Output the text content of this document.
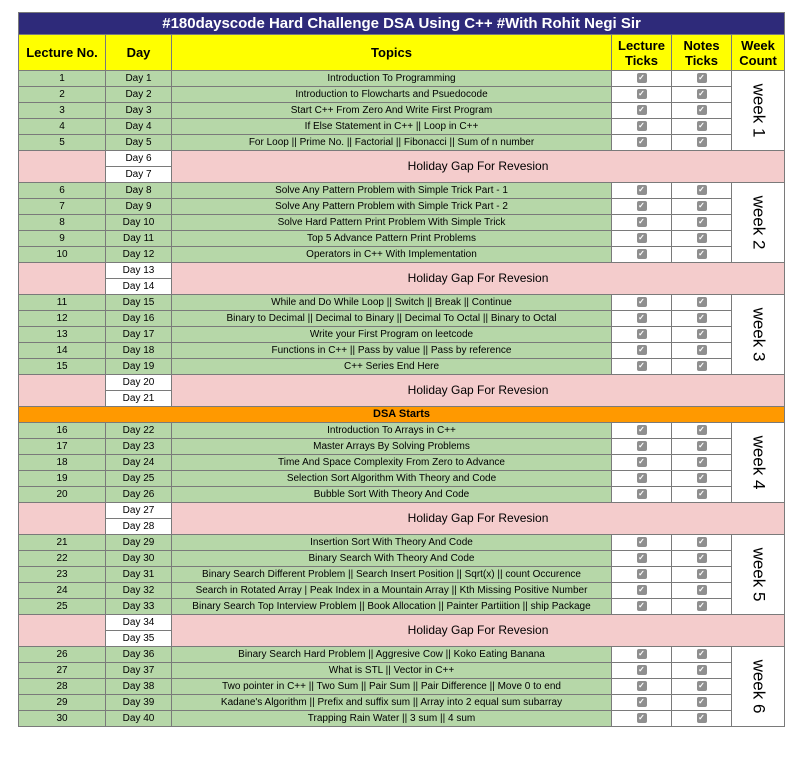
#180dayscode Hard Challenge DSA Using C++ #With Rohit Negi Sir					
Lecture No.	Day	Topics	Lecture Ticks	Notes Ticks	Week Count
1	Day 1	Introduction To Programming	✓	✓	week 1
2	Day 2	Introduction to Flowcharts and Psuedocode	✓	✓	
3	Day 3	Start C++ From Zero And Write First Program	✓	✓	
4	Day 4	If Else Statement in C++ || Loop in C++	✓	✓	
5	Day 5	For Loop || Prime No. || Factorial || Fibonacci || Sum of n number	✓	✓	
	Day 6	Holiday Gap For Revesion			
	Day 7				
6	Day 8	Solve Any Pattern Problem with Simple Trick Part - 1	✓	✓	week 2
7	Day 9	Solve Any Pattern Problem with Simple Trick Part - 2	✓	✓	
8	Day 10	Solve Hard Pattern Print Problem With Simple Trick	✓	✓	
9	Day 11	Top 5 Advance Pattern Print Problems	✓	✓	
10	Day 12	Operators in C++ With Implementation	✓	✓	
	Day 13	Holiday Gap For Revesion			
	Day 14				
11	Day 15	While and Do While Loop || Switch || Break || Continue	✓	✓	week 3
12	Day 16	Binary to Decimal || Decimal to Binary || Decimal To Octal || Binary to Octal	✓	✓	
13	Day 17	Write your First Program on leetcode	✓	✓	
14	Day 18	Functions in C++ || Pass by value || Pass by reference	✓	✓	
15	Day 19	C++ Series End Here	✓	✓	
	Day 20	Holiday Gap For Revesion			
	Day 21				
DSA Starts					
16	Day 22	Introduction To Arrays in C++	✓	✓	week 4
17	Day 23	Master Arrays By Solving Problems	✓	✓	
18	Day 24	Time And Space Complexity From Zero to Advance	✓	✓	
19	Day 25	Selection Sort Algorithm With Theory and Code	✓	✓	
20	Day 26	Bubble Sort With Theory And Code	✓	✓	
	Day 27	Holiday Gap For Revesion			
	Day 28				
21	Day 29	Insertion Sort With Theory And Code	✓	✓	week 5
22	Day 30	Binary Search With Theory And Code	✓	✓	
23	Day 31	Binary Search Different Problem || Search Insert Position || Sqrt(x) || count Occurence	✓	✓	
24	Day 32	Search in Rotated Array | Peak Index in a Mountain Array || Kth Missing Positive Number	✓	✓	
25	Day 33	Binary Search Top Interview Problem || Book Allocation || Painter Partiition || ship Package	✓	✓	
	Day 34	Holiday Gap For Revesion			
	Day 35				
26	Day 36	Binary Search Hard Problem || Aggresive Cow || Koko Eating Banana	✓	✓	week 6
27	Day 37	What is STL || Vector in C++	✓	✓	
28	Day 38	Two pointer in C++ || Two Sum || Pair Sum || Pair Difference || Move 0 to end	✓	✓	
29	Day 39	Kadane's Algorithm || Prefix and suffix sum || Array into 2 equal sum subarray	✓	✓	
30	Day 40	Trapping Rain Water || 3 sum || 4 sum	✓	✓	
